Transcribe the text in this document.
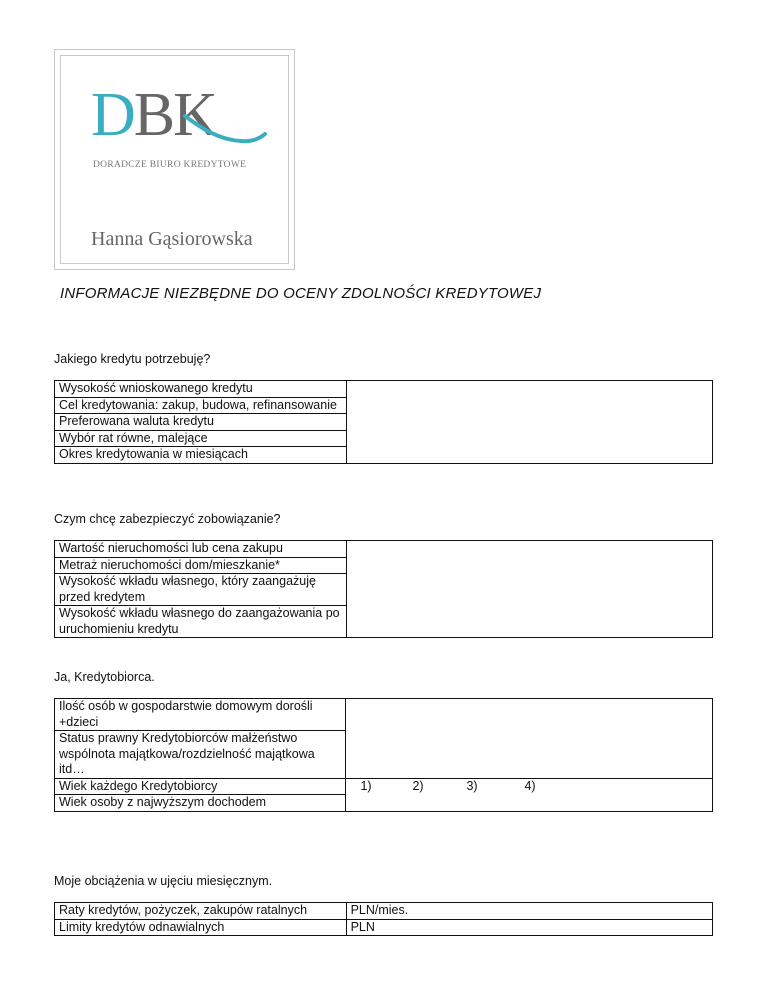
DBK
DORADCZE BIURO KREDYTOWE
Hanna Gąsiorowska
INFORMACJE NIEZBĘDNE DO OCENY ZDOLNOŚCI KREDYTOWEJ
Jakiego kredytu potrzebuję?
Wysokość wnioskowanego kredytu	
Cel kredytowania: zakup, budowa, refinansowanie
Preferowana waluta kredytu
Wybór rat równe, malejące
Okres kredytowania w miesiącach
Czym chcę zabezpieczyć zobowiązanie?
Wartość nieruchomości lub cena zakupu	
Metraż nieruchomości dom/mieszkanie*
Wysokość wkładu własnego, który zaangażuję przed kredytem
Wysokość wkładu własnego do zaangażowania po uruchomieniu kredytu
Ja, Kredytobiorca.
Ilość osób w gospodarstwie domowym dorośli +dzieci	
Status prawny Kredytobiorców małżeństwo wspólnota majątkowa/rozdzielność majątkowa itd…	
Wiek każdego Kredytobiorcy	1) 2) 3) 4)

Wiek osoby z najwyższym dochodem	
Moje obciążenia w ujęciu miesięcznym.
Raty kredytów, pożyczek, zakupów ratalnych	PLN/mies.
Limity kredytów odnawialnych	PLN
